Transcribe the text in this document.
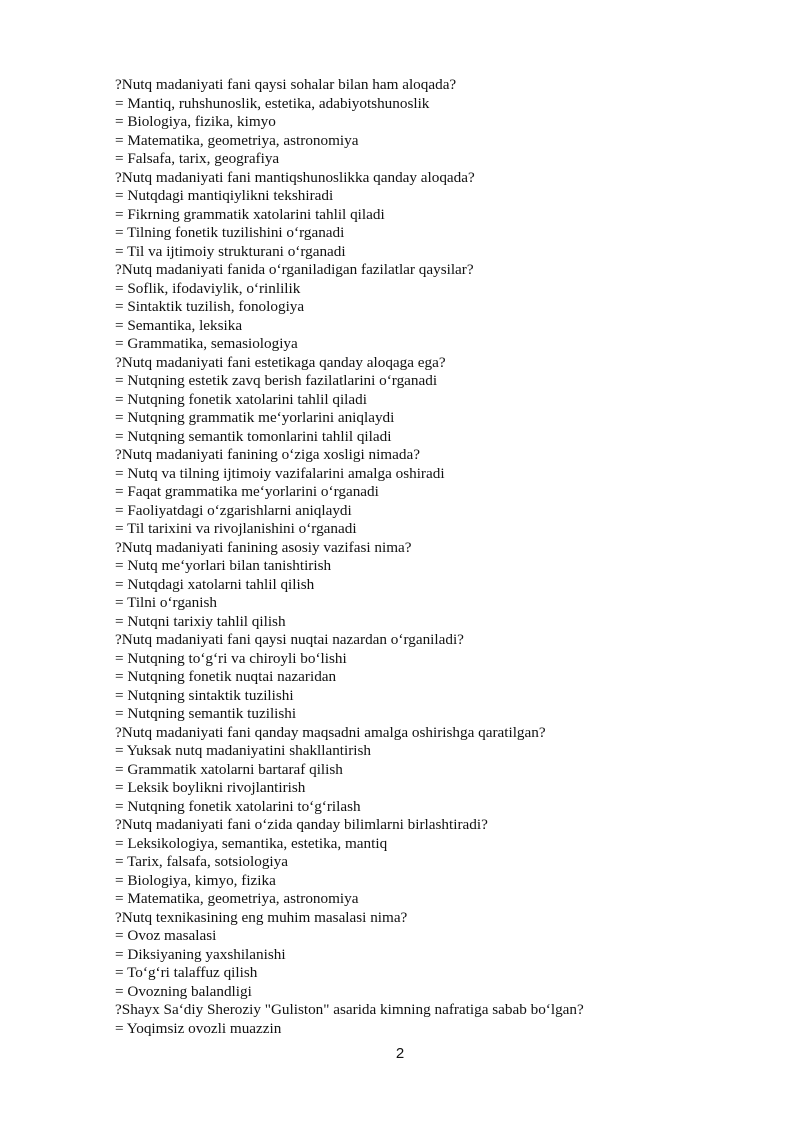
?Nutq madaniyati fani qaysi sohalar bilan ham aloqada?
= Mantiq, ruhshunoslik, estetika, adabiyotshunoslik
= Biologiya, fizika, kimyo
= Matematika, geometriya, astronomiya
= Falsafa, tarix, geografiya
?Nutq madaniyati fani mantiqshunoslikka qanday aloqada?
= Nutqdagi mantiqiylikni tekshiradi
= Fikrning grammatik xatolarini tahlil qiladi
= Tilning fonetik tuzilishini o‘rganadi
= Til va ijtimoiy strukturani o‘rganadi
?Nutq madaniyati fanida o‘rganiladigan fazilatlar qaysilar?
= Soflik, ifodaviylik, o‘rinlilik
= Sintaktik tuzilish, fonologiya
= Semantika, leksika
= Grammatika, semasiologiya
?Nutq madaniyati fani estetikaga qanday aloqaga ega?
= Nutqning estetik zavq berish fazilatlarini o‘rganadi
= Nutqning fonetik xatolarini tahlil qiladi
= Nutqning grammatik me‘yorlarini aniqlaydi
= Nutqning semantik tomonlarini tahlil qiladi
?Nutq madaniyati fanining o‘ziga xosligi nimada?
= Nutq va tilning ijtimoiy vazifalarini amalga oshiradi
= Faqat grammatika me‘yorlarini o‘rganadi
= Faoliyatdagi o‘zgarishlarni aniqlaydi
= Til tarixini va rivojlanishini o‘rganadi
?Nutq madaniyati fanining asosiy vazifasi nima?
= Nutq me‘yorlari bilan tanishtirish
= Nutqdagi xatolarni tahlil qilish
= Tilni o‘rganish
= Nutqni tarixiy tahlil qilish
?Nutq madaniyati fani qaysi nuqtai nazardan o‘rganiladi?
= Nutqning to‘g‘ri va chiroyli bo‘lishi
= Nutqning fonetik nuqtai nazaridan
= Nutqning sintaktik tuzilishi
= Nutqning semantik tuzilishi
?Nutq madaniyati fani qanday maqsadni amalga oshirishga qaratilgan?
= Yuksak nutq madaniyatini shakllantirish
= Grammatik xatolarni bartaraf qilish
= Leksik boylikni rivojlantirish
= Nutqning fonetik xatolarini to‘g‘rilash
?Nutq madaniyati fani o‘zida qanday bilimlarni birlashtiradi?
= Leksikologiya, semantika, estetika, mantiq
= Tarix, falsafa, sotsiologiya
= Biologiya, kimyo, fizika
= Matematika, geometriya, astronomiya
?Nutq texnikasining eng muhim masalasi nima?
= Ovoz masalasi
= Diksiyaning yaxshilanishi
= To‘g‘ri talaffuz qilish
= Ovozning balandligi
?Shayx Sa‘diy Sheroziy "Guliston" asarida kimning nafratiga sabab bo‘lgan?
= Yoqimsiz ovozli muazzin
2
